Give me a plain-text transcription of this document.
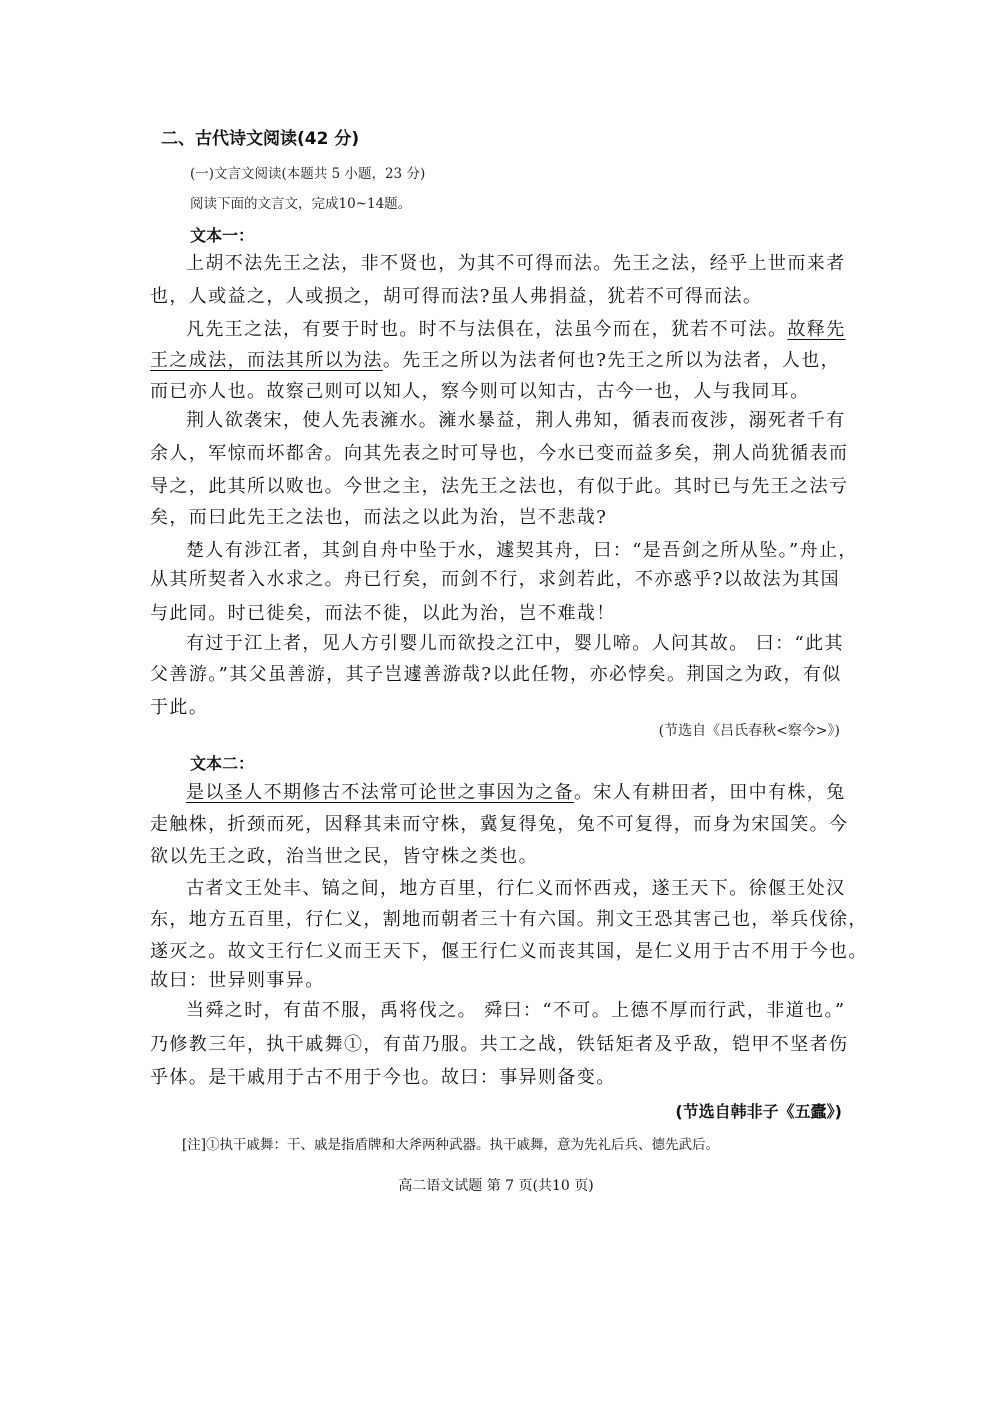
二、古代诗文阅读(42 分)
(一)文言文阅读(本题共 5 小题，23 分)
阅读下面的文言文，完成10~14题。
文本一：
上胡不法先王之法，非不贤也，为其不可得而法。先王之法，经乎上世而来者
也，人或益之，人或损之，胡可得而法?虽人弗捐益，犹若不可得而法。
凡先王之法，有要于时也。时不与法俱在，法虽今而在，犹若不可法。故释先
王之成法，而法其所以为法。先王之所以为法者何也?先王之所以为法者，人也，
而已亦人也。故察己则可以知人，察今则可以知古，古今一也，人与我同耳。
荆人欲袭宋，使人先表澭水。澭水暴益，荆人弗知，循表而夜涉，溺死者千有
余人，军惊而坏都舍。向其先表之时可导也，今水已变而益多矣，荆人尚犹循表而
导之，此其所以败也。今世之主，法先王之法也，有似于此。其时已与先王之法亏
矣，而曰此先王之法也，而法之以此为治，岂不悲哉?
楚人有涉江者，其剑自舟中坠于水，遽契其舟，曰：“是吾剑之所从坠。”舟止，
从其所契者入水求之。舟已行矣，而剑不行，求剑若此，不亦惑乎?以故法为其国
与此同。时已徙矣，而法不徙，以此为治，岂不难哉！
有过于江上者，见人方引婴儿而欲投之江中，婴儿啼。人问其故。 曰：“此其
父善游。”其父虽善游，其子岂遽善游哉?以此任物，亦必悖矣。荆国之为政，有似
于此。
(节选自《吕氏春秋<察今>》)
文本二：
是以圣人不期修古不法常可论世之事因为之备。宋人有耕田者，田中有株，兔
走触株，折颈而死，因释其耒而守株，冀复得兔，兔不可复得，而身为宋国笑。今
欲以先王之政，治当世之民，皆守株之类也。
古者文王处丰、镐之间，地方百里，行仁义而怀西戎，遂王天下。徐偃王处汉
东，地方五百里，行仁义，割地而朝者三十有六国。荆文王恐其害己也，举兵伐徐，
遂灭之。故文王行仁义而王天下，偃王行仁义而丧其国，是仁义用于古不用于今也。
故曰：世异则事异。
当舜之时，有苗不服，禹将伐之。 舜曰：“不可。上德不厚而行武，非道也。”
乃修教三年，执干戚舞①，有苗乃服。共工之战，铁铦矩者及乎敌，铠甲不坚者伤
乎体。是干戚用于古不用于今也。故曰：事异则备变。
(节选自韩非子《五蠹》)
[注]①执干戚舞：干、戚是指盾牌和大斧两种武器。执干戚舞，意为先礼后兵、德先武后。
高二语文试题 第 7 页(共10 页)
